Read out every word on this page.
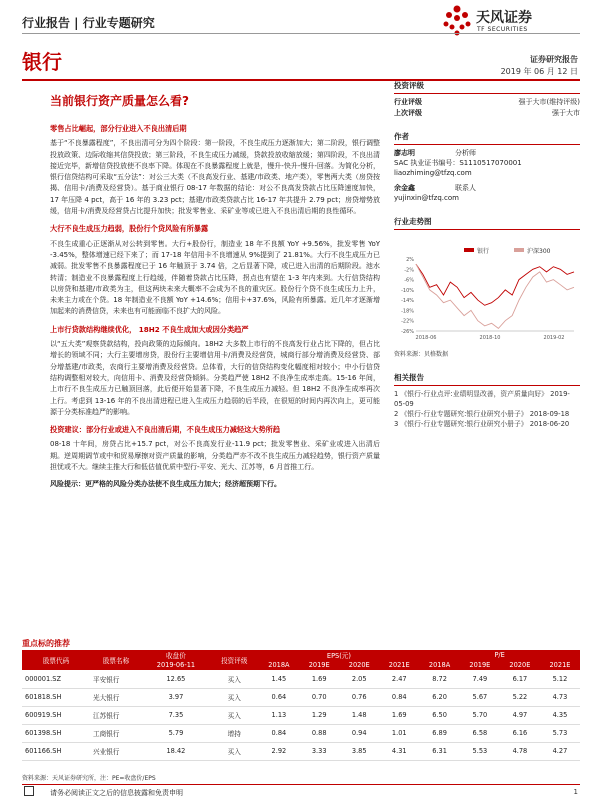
行业报告 | 行业专题研究	天风证券
TF SECURITIES
银行	证券研究报告
2019 年 06 月 12 日
当前银行资产质量怎么看?
零售占比崛起，部分行业进入不良出清后期

基于“不良暴露程度”，不良出清可分为四个阶段：第一阶段，不良生成压力逐渐加大；第二阶段，银行调整投放政策、边际收缩其信贷投放；第三阶段，不良生成压力减缓，贷款投放收缩放缓；第四阶段，不良出清接近完毕，新增信贷投放使不良率下降。体现在不良暴露程度上就是，慢升-快升-慢升-回落。为简化分析，银行信贷结构可采取“五分法”：对公三大类（不良高发行业、基建/市政类、地产类），零售两大类（房贷按揭、信用卡/消费及经营贷）。基于商业银行 08-17 年数据的结论：对公不良高发贷款占比压降速度加快，17 年压降 4 pct，高于 16 年的 3.23 pct；基建/市政类贷款占比 16-17 年共提升 2.79 pct；房贷增势放缓，信用卡/消费及经营贷占比提升加快；批发零售业、采矿业等或已进入不良出清后期的良性循环。

大行不良生成压力趋弱，股份行个贷风险有所暴露

不良生成重心正逐渐从对公转到零售。大行+股份行，制造业 18 年不良额 YoY +9.56%，批发零售 YoY -3.45%，整体增速已经下来了；而 17-18 年信用卡不良增速从 9%提到了 21.81%。大行不良生成压力已减弱。批发零售不良暴露程度已于 16 年触顶于 3.74 倍，之后显著下降，或已进入出清的后期阶段。池水转清；制造业不良暴露程度上行趋缓，伴随着贷款占比压降，拐点也有望在 1-3 年内来到。大行信贷结构以房贷和基建/市政类为主，但这两块未来大概率不会成为不良的重灾区。股份行个贷不良生成压力上升，未来主力或在个贷。18 年制造业不良额 YoY +14.6%；信用卡+37.6%，风险有所暴露。近几年才逐渐增加起来的消费信贷，未来也有可能面临不良扩大的风险。

上市行贷款结构继续优化， 18H2 不良生成加大或因分类趋严

以“五大类”观察贷款结构，投向政策的边际倾向。18H2 大多数上市行的不良高发行业占比下降的，但占比增长的领域不同；大行主要增房贷，股份行主要增信用卡/消费及经营贷，城商行部分增消费及经营贷、部分增基建/市政类，农商行主要增消费及经营贷。总体看，大行的信贷结构变化幅度相对较小；中小行信贷结构调整相对较大，向信用卡、消费及经营贷倾斜。分类趋严使 18H2 不良净生成率走高。15-16 年间，上市行不良生成压力已触顶回落，此后便开始显著下降，不良生成压力减轻。但 18H2 不良净生成率再次上行。考虑到 13-16 年的不良出清进程已进入生成压力趋弱的后半段，在很短的时间内再次向上，更可能源于分类标准趋严的影响。

投资建议：部分行业或进入不良出清后期，不良生成压力减轻这大势所趋

08-18 十年间，房贷占比+15.7 pct，对公不良高发行业-11.9 pct；批发零售业、采矿业或进入出清后期。逆周期调节或中和贸易摩擦对资产质量的影响，分类趋严亦不改不良生成压力减轻趋势，银行资产质量担忧或不大。继续主推大行和低估值优质中型行-平安、光大、江苏等，6 月首推工行。

风险提示：更严格的风险分类办法使不良生成压力加大；经济超预期下行。

投资评级
行业评级	强于大市(维持评级)
上次评级	强于大市
作者
廖志明	分析师
SAC 执业证书编号：S1110517070001
liaozhiming@tfzq.com
余金鑫	联系人
yujinxin@tfzq.com
行业走势图
银行	沪深300
2%
-2%
-6%
-10%
-14%
-18%
-22%
-26%
2018-06	2018-10	2019-02
资料来源：贝格数据
相关报告
1 《银行-行业点评:业绩明显改善，资产质量向好》 2019-05-09
2 《银行-行业专题研究:银行业研究小册子》 2018-09-18
3 《银行-行业专题研究:银行业研究小册子》 2018-06-20
重点标的推荐
股票代码	股票名称	收盘价	投资评级	EPS(元)				P/E			
		2019-06-11		2018A	2019E	2020E	2021E	2018A	2019E	2020E	2021E
000001.SZ	平安银行	12.65	买入	1.45	1.69	2.05	2.47	8.72	7.49	6.17	5.12
601818.SH	光大银行	3.97	买入	0.64	0.70	0.76	0.84	6.20	5.67	5.22	4.73
600919.SH	江苏银行	7.35	买入	1.13	1.29	1.48	1.69	6.50	5.70	4.97	4.35
601398.SH	工商银行	5.79	增持	0.84	0.88	0.94	1.01	6.89	6.58	6.16	5.73
601166.SH	兴业银行	18.42	买入	2.92	3.33	3.85	4.31	6.31	5.53	4.78	4.27
资料来源：天风证券研究所，注：PE=收盘价/EPS
请务必阅读正文之后的信息披露和免责申明	1
